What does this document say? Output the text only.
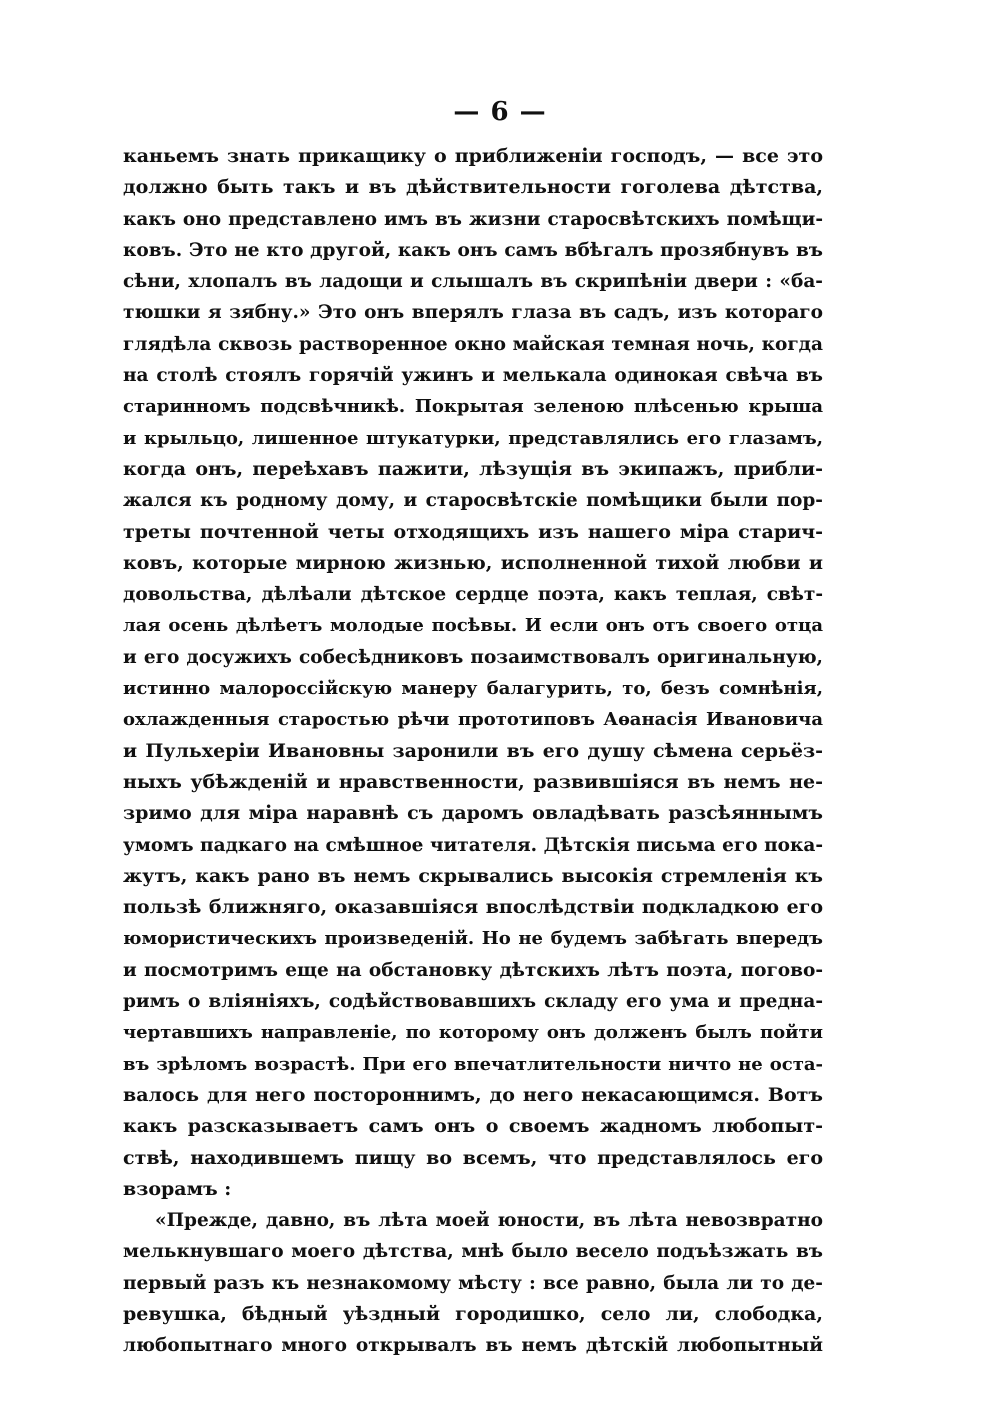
— 6 —
каньемъ знать прикащику о приближеніи господъ, — все это
должно быть такъ и въ дѣйствительности гоголева дѣтства,
какъ оно представлено имъ въ жизни старосвѣтскихъ помѣщи-
ковъ. Это не кто другой, какъ онъ самъ вбѣгалъ прозябнувъ въ
сѣни, хлопалъ въ ладощи и слышалъ въ скрипѣніи двери : «ба-
тюшки я зябну.» Это онъ вперялъ глаза въ садъ, изъ котораго
глядѣла сквозь растворенное окно майская темная ночь, когда
на столѣ стоялъ горячій ужинъ и мелькала одинокая свѣча въ
старинномъ подсвѣчникѣ. Покрытая зеленою плѣсенью крыша
и крыльцо, лишенное штукатурки, представлялись его глазамъ,
когда онъ, переѣхавъ пажити, лѣзущія въ экипажъ, прибли-
жался къ родному дому, и старосвѣтскіе помѣщики были пор-
треты почтенной четы отходящихъ изъ нашего міра старич-
ковъ, которые мирною жизнью, исполненной тихой любви и
довольства, дѣлѣали дѣтское сердце поэта, какъ теплая, свѣт-
лая осень дѣлѣетъ молодые посѣвы. И если онъ отъ своего отца
и его досужихъ собесѣдниковъ позаимствовалъ оригинальную,
истинно малороссійскую манеру балагурить, то, безъ сомнѣнія,
охлажденныя старостью рѣчи прототиповъ Аѳанасія Ивановича
и Пульхеріи Ивановны заронили въ его душу сѣмена серьёз-
ныхъ убѣжденій и нравственности, развившіяся въ немъ не-
зримо для міра наравнѣ съ даромъ овладѣвать разсѣяннымъ
умомъ падкаго на смѣшное читателя. Дѣтскія письма его пока-
жутъ, какъ рано въ немъ скрывались высокія стремленія къ
пользѣ ближняго, оказавшіяся впослѣдствіи подкладкою его
юмористическихъ произведеній. Но не будемъ забѣгать впередъ
и посмотримъ еще на обстановку дѣтскихъ лѣтъ поэта, погово-
римъ о вліяніяхъ, содѣйствовавшихъ складу его ума и предна-
чертавшихъ направленіе, по которому онъ долженъ былъ пойти
въ зрѣломъ возрастѣ. При его впечатлительности ничто не оста-
валось для него постороннимъ, до него некасающимся. Вотъ
какъ разсказываетъ самъ онъ о своемъ жадномъ любопыт-
ствѣ, находившемъ пищу во всемъ, что представлялось его
взорамъ :
«Прежде, давно, въ лѣта моей юности, въ лѣта невозвратно
мелькнувшаго моего дѣтства, мнѣ было весело подъѣзжать въ
первый разъ къ незнакомому мѣсту : все равно, была ли то де-
ревушка, бѣдный уѣздный городишко, село ли, слободка,
любопытнаго много открывалъ въ немъ дѣтскій любопытный
